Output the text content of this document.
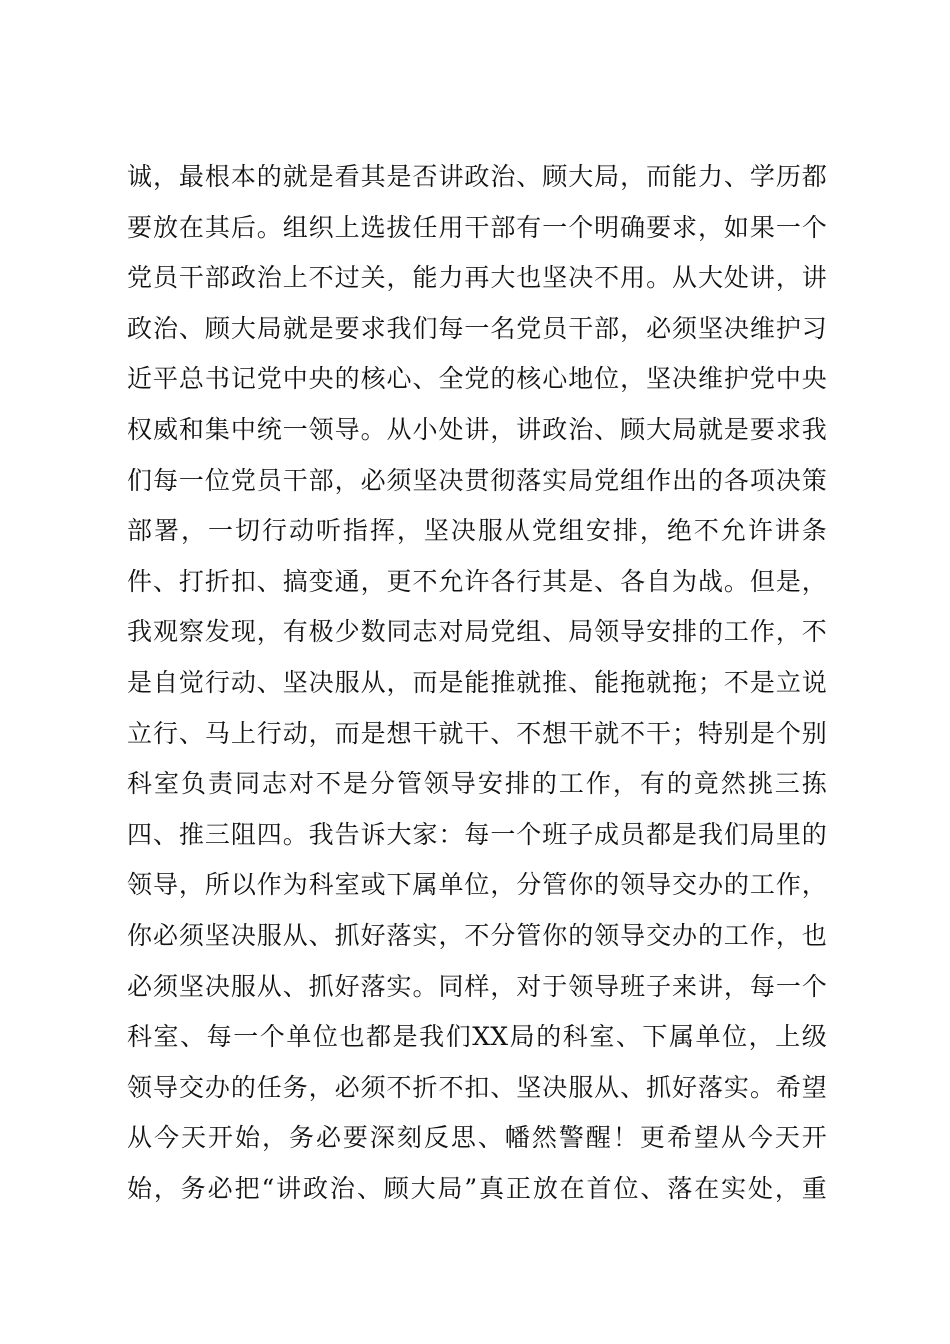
诚，最根本的就是看其是否讲政治、顾大局，而能力、学历都
要放在其后。组织上选拔任用干部有一个明确要求，如果一个
党员干部政治上不过关，能力再大也坚决不用。从大处讲，讲
政治、顾大局就是要求我们每一名党员干部，必须坚决维护习
近平总书记党中央的核心、全党的核心地位，坚决维护党中央
权威和集中统一领导。从小处讲，讲政治、顾大局就是要求我
们每一位党员干部，必须坚决贯彻落实局党组作出的各项决策
部署，一切行动听指挥，坚决服从党组安排，绝不允许讲条
件、打折扣、搞变通，更不允许各行其是、各自为战。但是，
我观察发现，有极少数同志对局党组、局领导安排的工作，不
是自觉行动、坚决服从，而是能推就推、能拖就拖；不是立说
立行、马上行动，而是想干就干、不想干就不干；特别是个别
科室负责同志对不是分管领导安排的工作，有的竟然挑三拣
四、推三阻四。我告诉大家：每一个班子成员都是我们局里的
领导，所以作为科室或下属单位，分管你的领导交办的工作，
你必须坚决服从、抓好落实，不分管你的领导交办的工作，也
必须坚决服从、抓好落实。同样，对于领导班子来讲，每一个
科室、每一个单位也都是我们XX局的科室、下属单位，上级
领导交办的任务，必须不折不扣、坚决服从、抓好落实。希望
从今天开始，务必要深刻反思、幡然警醒！更希望从今天开
始，务必把“讲政治、顾大局”真正放在首位、落在实处，重
